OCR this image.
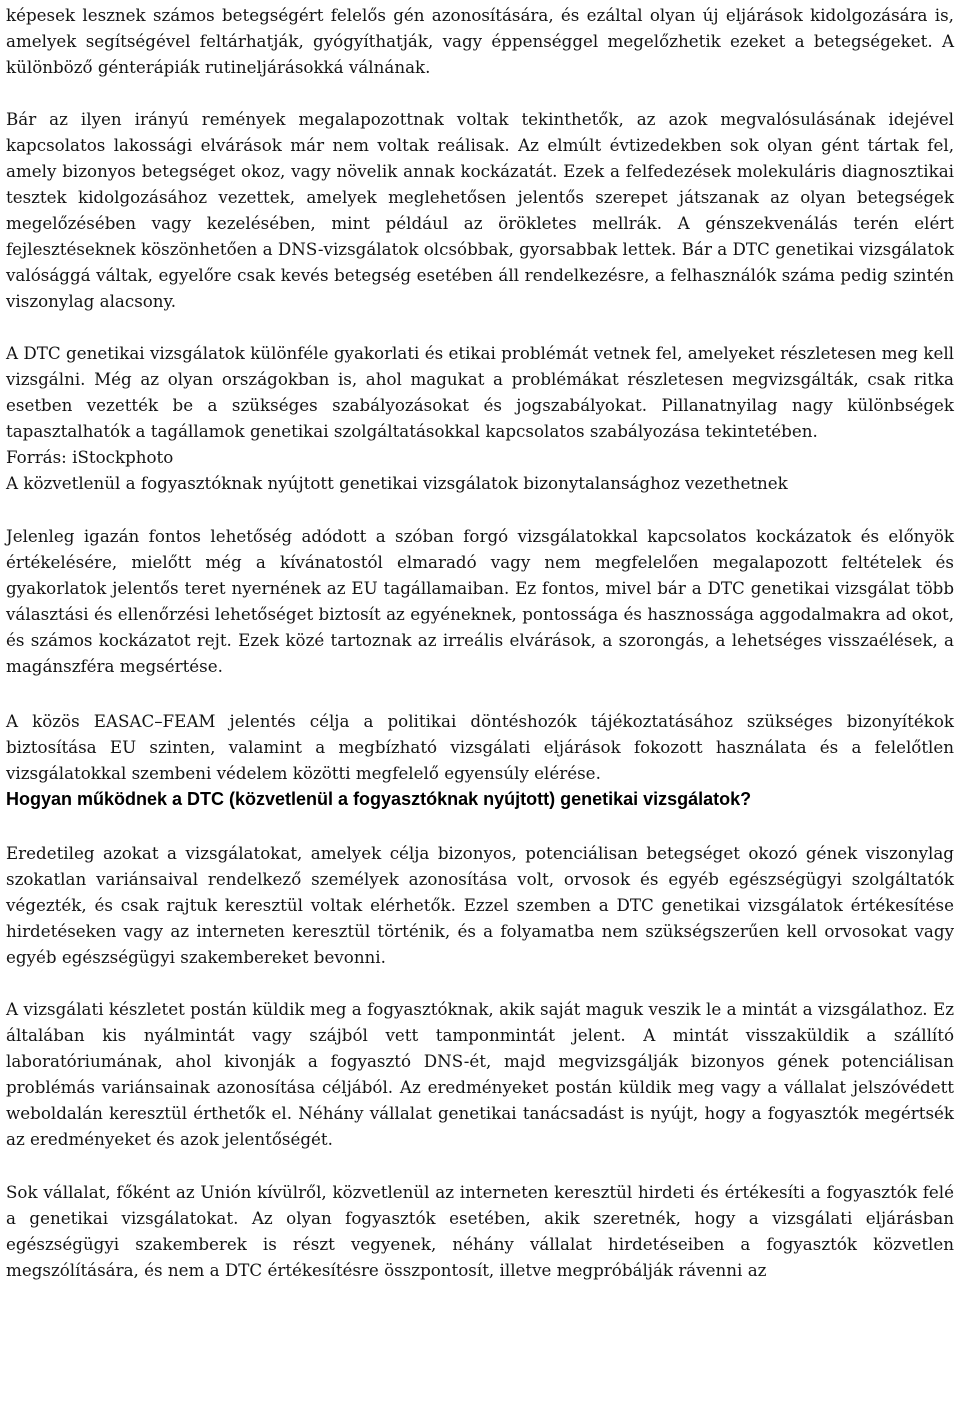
képesek lesznek számos betegségért felelős gén azonosítására, és ezáltal olyan új eljárások kidolgozására is, amelyek segítségével feltárhatják, gyógyíthatják, vagy éppenséggel megelőzhetik ezeket a betegségeket. A különböző génterápiák rutineljárásokká válnának.

Bár az ilyen irányú remények megalapozottnak voltak tekinthetők, az azok megvalósulásának idejével kapcsolatos lakossági elvárások már nem voltak reálisak. Az elmúlt évtizedekben sok olyan gént tártak fel, amely bizonyos betegséget okoz, vagy növelik annak kockázatát. Ezek a felfedezések molekuláris diagnosztikai tesztek kidolgozásához vezettek, amelyek meglehetősen jelentős szerepet játszanak az olyan betegségek megelőzésében vagy kezelésében, mint például az örökletes mellrák. A génszekvenálás terén elért fejlesztéseknek köszönhetően a DNS-vizsgálatok olcsóbbak, gyorsabbak lettek. Bár a DTC genetikai vizsgálatok valósággá váltak, egyelőre csak kevés betegség esetében áll rendelkezésre, a felhasználók száma pedig szintén viszonylag alacsony.

A DTC genetikai vizsgálatok különféle gyakorlati és etikai problémát vetnek fel, amelyeket részletesen meg kell vizsgálni. Még az olyan országokban is, ahol magukat a problémákat részletesen megvizsgálták, csak ritka esetben vezették be a szükséges szabályozásokat és jogszabályokat. Pillanatnyilag nagy különbségek tapasztalhatók a tagállamok genetikai szolgáltatásokkal kapcsolatos szabályozása tekintetében.

Forrás: iStockphoto
A közvetlenül a fogyasztóknak nyújtott genetikai vizsgálatok bizonytalansághoz vezethetnek

Jelenleg igazán fontos lehetőség adódott a szóban forgó vizsgálatokkal kapcsolatos kockázatok és előnyök értékelésére, mielőtt még a kívánatostól elmaradó vagy nem megfelelően megalapozott feltételek és gyakorlatok jelentős teret nyernének az EU tagállamaiban. Ez fontos, mivel bár a DTC genetikai vizsgálat több választási és ellenőrzési lehetőséget biztosít az egyéneknek, pontossága és hasznossága aggodalmakra ad okot, és számos kockázatot rejt. Ezek közé tartoznak az irreális elvárások, a szorongás, a lehetséges visszaélések, a magánszféra megsértése.

A közös EASAC–FEAM jelentés célja a politikai döntéshozók tájékoztatásához szükséges bizonyítékok biztosítása EU szinten, valamint a megbízható vizsgálati eljárások fokozott használata és a felelőtlen vizsgálatokkal szembeni védelem közötti megfelelő egyensúly elérése.

Hogyan működnek a DTC (közvetlenül a fogyasztóknak nyújtott) genetikai vizsgálatok?

Eredetileg azokat a vizsgálatokat, amelyek célja bizonyos, potenciálisan betegséget okozó gének viszonylag szokatlan variánsaival rendelkező személyek azonosítása volt, orvosok és egyéb egészségügyi szolgáltatók végezték, és csak rajtuk keresztül voltak elérhetők. Ezzel szemben a DTC genetikai vizsgálatok értékesítése hirdetéseken vagy az interneten keresztül történik, és a folyamatba nem szükségszerűen kell orvosokat vagy egyéb egészségügyi szakembereket bevonni.

A vizsgálati készletet postán küldik meg a fogyasztóknak, akik saját maguk veszik le a mintát a vizsgálathoz. Ez általában kis nyálmintát vagy szájból vett tamponmintát jelent. A mintát visszaküldik a szállító laboratóriumának, ahol kivonják a fogyasztó DNS-ét, majd megvizsgálják bizonyos gének potenciálisan problémás variánsainak azonosítása céljából. Az eredményeket postán küldik meg vagy a vállalat jelszóvédett weboldalán keresztül érthetők el. Néhány vállalat genetikai tanácsadást is nyújt, hogy a fogyasztók megértsék az eredményeket és azok jelentőségét.

Sok vállalat, főként az Unión kívülről, közvetlenül az interneten keresztül hirdeti és értékesíti a fogyasztók felé a genetikai vizsgálatokat. Az olyan fogyasztók esetében, akik szeretnék, hogy a vizsgálati eljárásban egészségügyi szakemberek is részt vegyenek, néhány vállalat hirdetéseiben a fogyasztók közvetlen megszólítására, és nem a DTC értékesítésre összpontosít, illetve megpróbálják rávenni az
